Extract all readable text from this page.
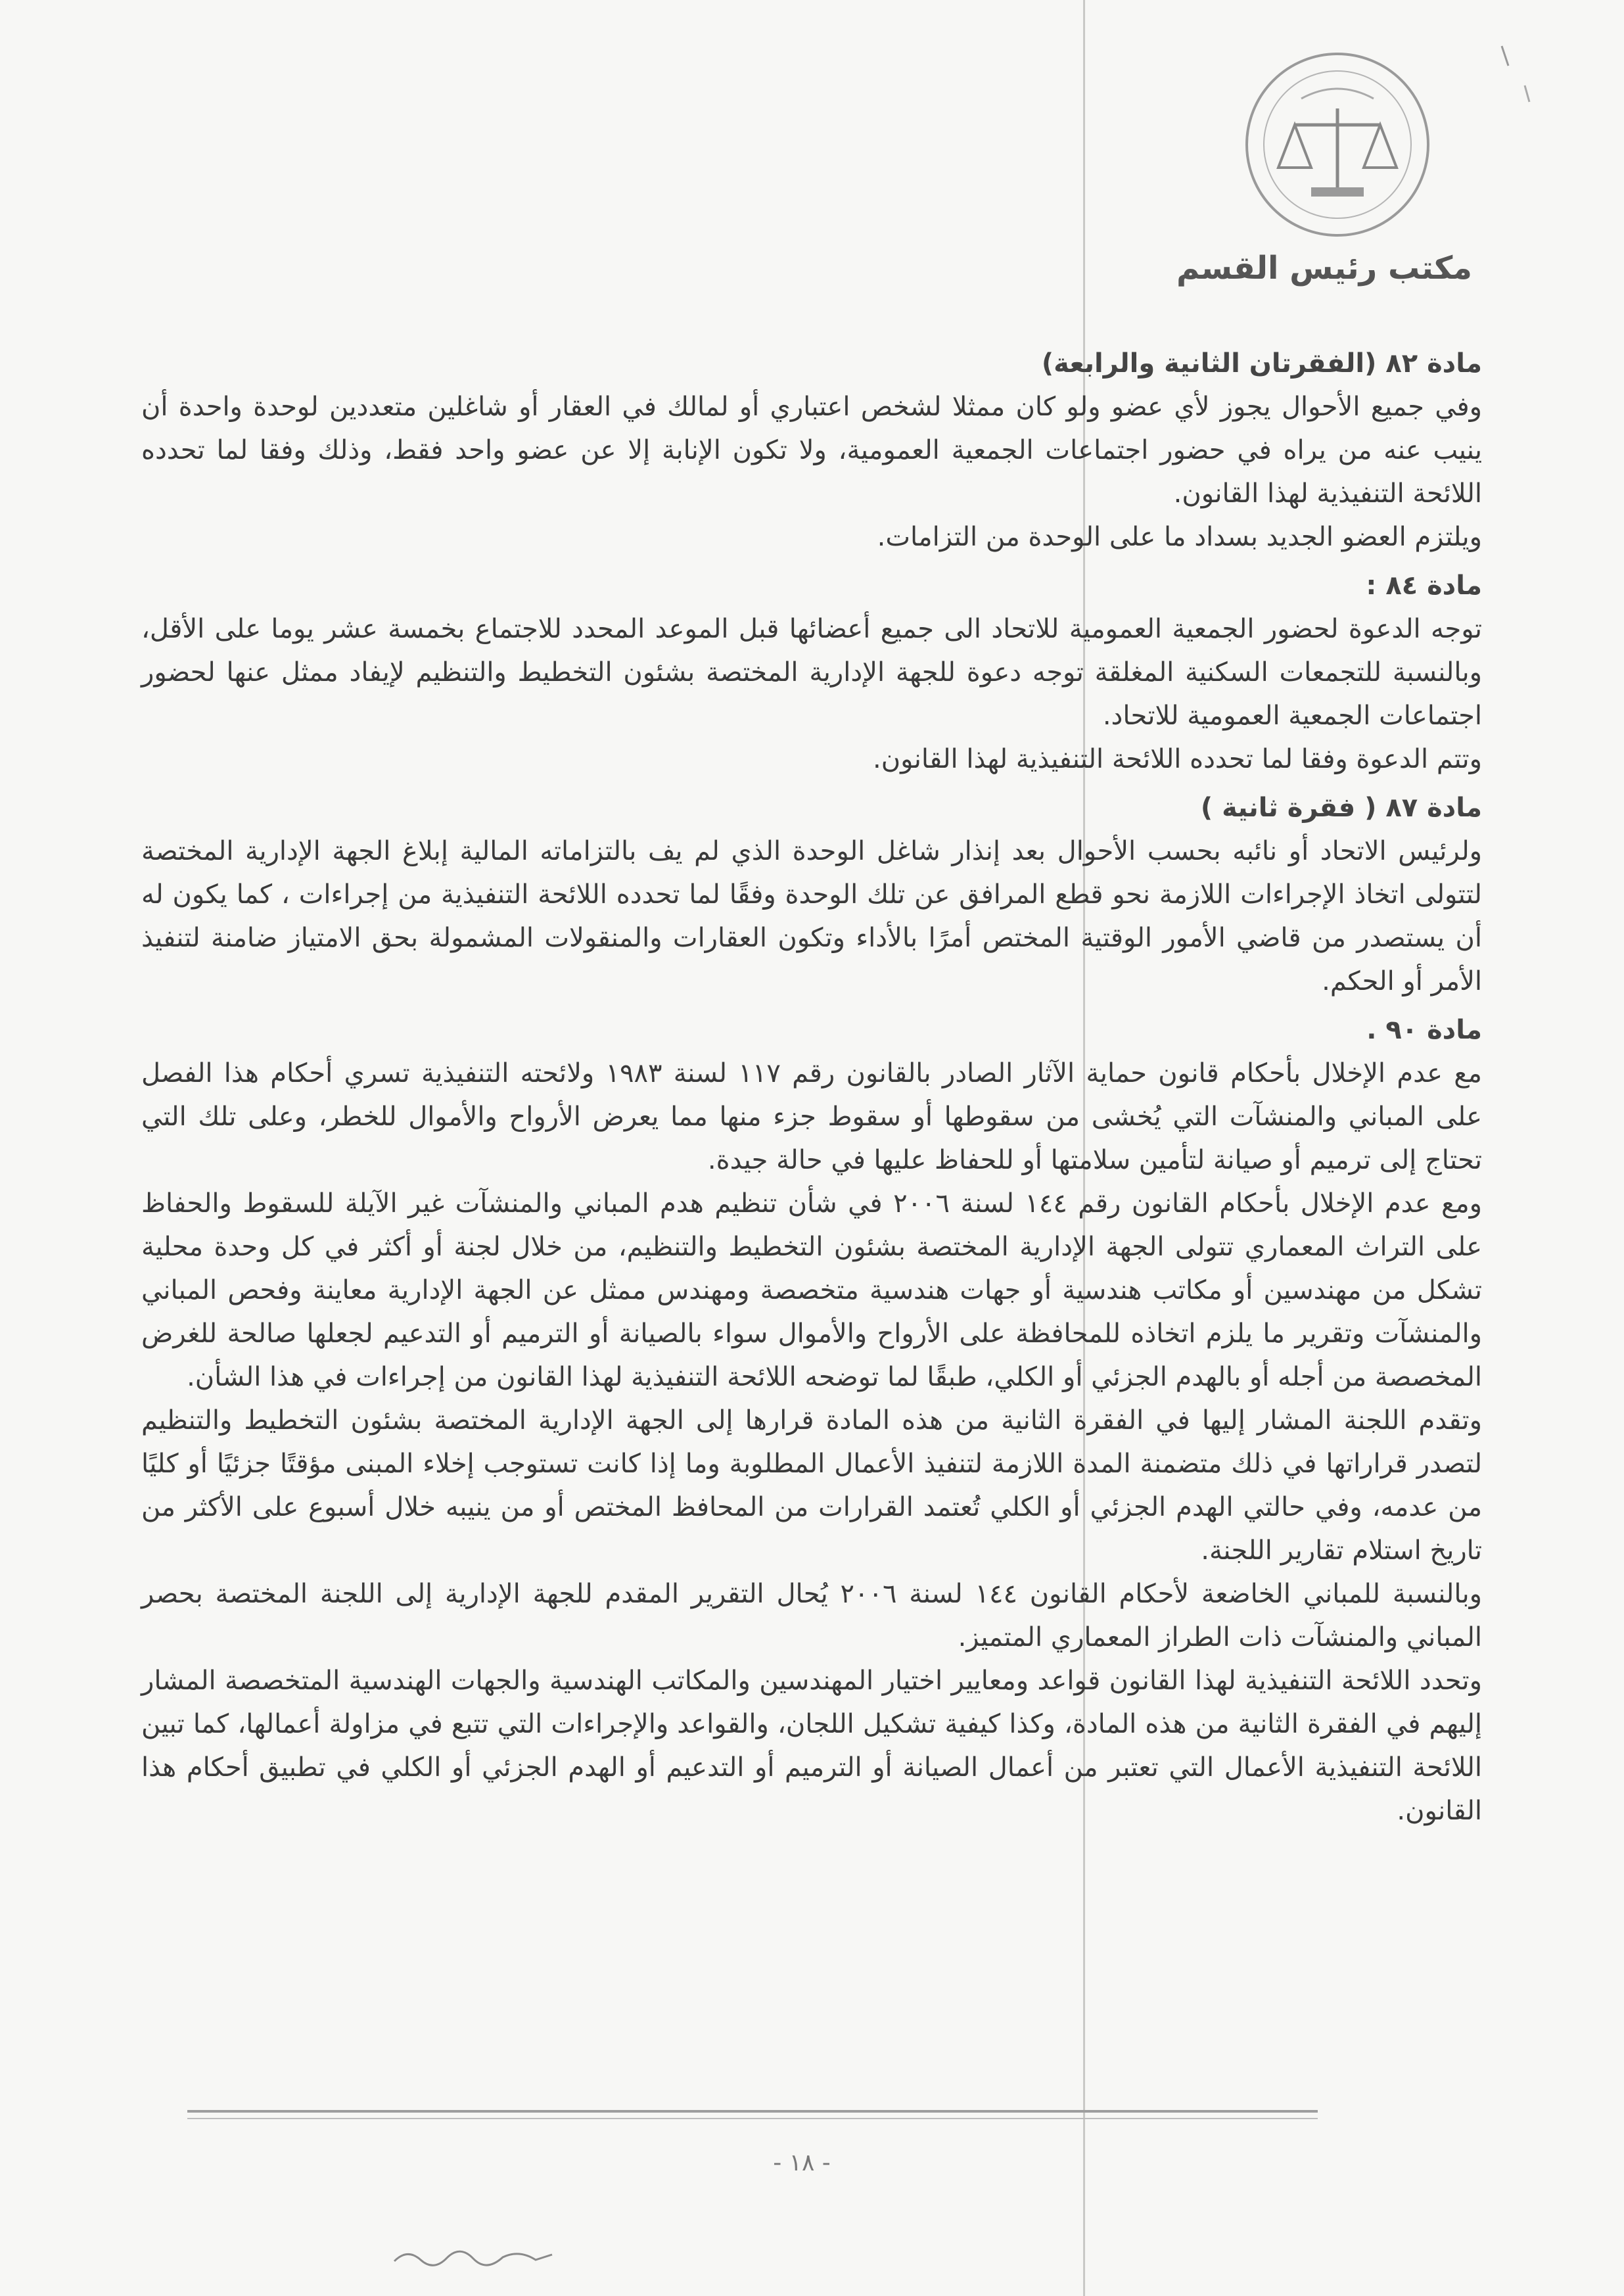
مكتب رئيس القسم
مادة ٨٢ (الفقرتان الثانية والرابعة)
وفي جميع الأحوال يجوز لأي عضو ولو كان ممثلا لشخص اعتباري أو لمالك في العقار أو شاغلين متعددين لوحدة واحدة أن ينيب عنه من يراه في حضور اجتماعات الجمعية العمومية، ولا تكون الإنابة إلا عن عضو واحد فقط، وذلك وفقا لما تحدده اللائحة التنفيذية لهذا القانون.
ويلتزم العضو الجديد بسداد ما على الوحدة من التزامات.
مادة ٨٤ :
توجه الدعوة لحضور الجمعية العمومية للاتحاد الى جميع أعضائها قبل الموعد المحدد للاجتماع بخمسة عشر يوما على الأقل، وبالنسبة للتجمعات السكنية المغلقة توجه دعوة للجهة الإدارية المختصة بشئون التخطيط والتنظيم لإيفاد ممثل عنها لحضور اجتماعات الجمعية العمومية للاتحاد.
وتتم الدعوة وفقا لما تحدده اللائحة التنفيذية لهذا القانون.
مادة ٨٧ ( فقرة ثانية )
ولرئيس الاتحاد أو نائبه بحسب الأحوال بعد إنذار شاغل الوحدة الذي لم يف بالتزاماته المالية إبلاغ الجهة الإدارية المختصة لتتولى اتخاذ الإجراءات اللازمة نحو قطع المرافق عن تلك الوحدة وفقًا لما تحدده اللائحة التنفيذية من إجراءات ، كما يكون له أن يستصدر من قاضي الأمور الوقتية المختص أمرًا بالأداء وتكون العقارات والمنقولات المشمولة بحق الامتياز ضامنة لتنفيذ الأمر أو الحكم.
مادة ٩٠ .
مع عدم الإخلال بأحكام قانون حماية الآثار الصادر بالقانون رقم ١١٧ لسنة ١٩٨٣ ولائحته التنفيذية تسري أحكام هذا الفصل على المباني والمنشآت التي يُخشى من سقوطها أو سقوط جزء منها مما يعرض الأرواح والأموال للخطر، وعلى تلك التي تحتاج إلى ترميم أو صيانة لتأمين سلامتها أو للحفاظ عليها في حالة جيدة.
ومع عدم الإخلال بأحكام القانون رقم ١٤٤ لسنة ٢٠٠٦ في شأن تنظيم هدم المباني والمنشآت غير الآيلة للسقوط والحفاظ على التراث المعماري تتولى الجهة الإدارية المختصة بشئون التخطيط والتنظيم، من خلال لجنة أو أكثر في كل وحدة محلية تشكل من مهندسين أو مكاتب هندسية أو جهات هندسية متخصصة ومهندس ممثل عن الجهة الإدارية معاينة وفحص المباني والمنشآت وتقرير ما يلزم اتخاذه للمحافظة على الأرواح والأموال سواء بالصيانة أو الترميم أو التدعيم لجعلها صالحة للغرض المخصصة من أجله أو بالهدم الجزئي أو الكلي، طبقًا لما توضحه اللائحة التنفيذية لهذا القانون من إجراءات في هذا الشأن.
وتقدم اللجنة المشار إليها في الفقرة الثانية من هذه المادة قرارها إلى الجهة الإدارية المختصة بشئون التخطيط والتنظيم لتصدر قراراتها في ذلك متضمنة المدة اللازمة لتنفيذ الأعمال المطلوبة وما إذا كانت تستوجب إخلاء المبنى مؤقتًا جزئيًا أو كليًا من عدمه، وفي حالتي الهدم الجزئي أو الكلي تُعتمد القرارات من المحافظ المختص أو من ينيبه خلال أسبوع على الأكثر من تاريخ استلام تقارير اللجنة.
وبالنسبة للمباني الخاضعة لأحكام القانون ١٤٤ لسنة ٢٠٠٦ يُحال التقرير المقدم للجهة الإدارية إلى اللجنة المختصة بحصر المباني والمنشآت ذات الطراز المعماري المتميز.
وتحدد اللائحة التنفيذية لهذا القانون قواعد ومعايير اختيار المهندسين والمكاتب الهندسية والجهات الهندسية المتخصصة المشار إليهم في الفقرة الثانية من هذه المادة، وكذا كيفية تشكيل اللجان، والقواعد والإجراءات التي تتبع في مزاولة أعمالها، كما تبين اللائحة التنفيذية الأعمال التي تعتبر من أعمال الصيانة أو الترميم أو التدعيم أو الهدم الجزئي أو الكلي في تطبيق أحكام هذا القانون.
- ١٨ -
